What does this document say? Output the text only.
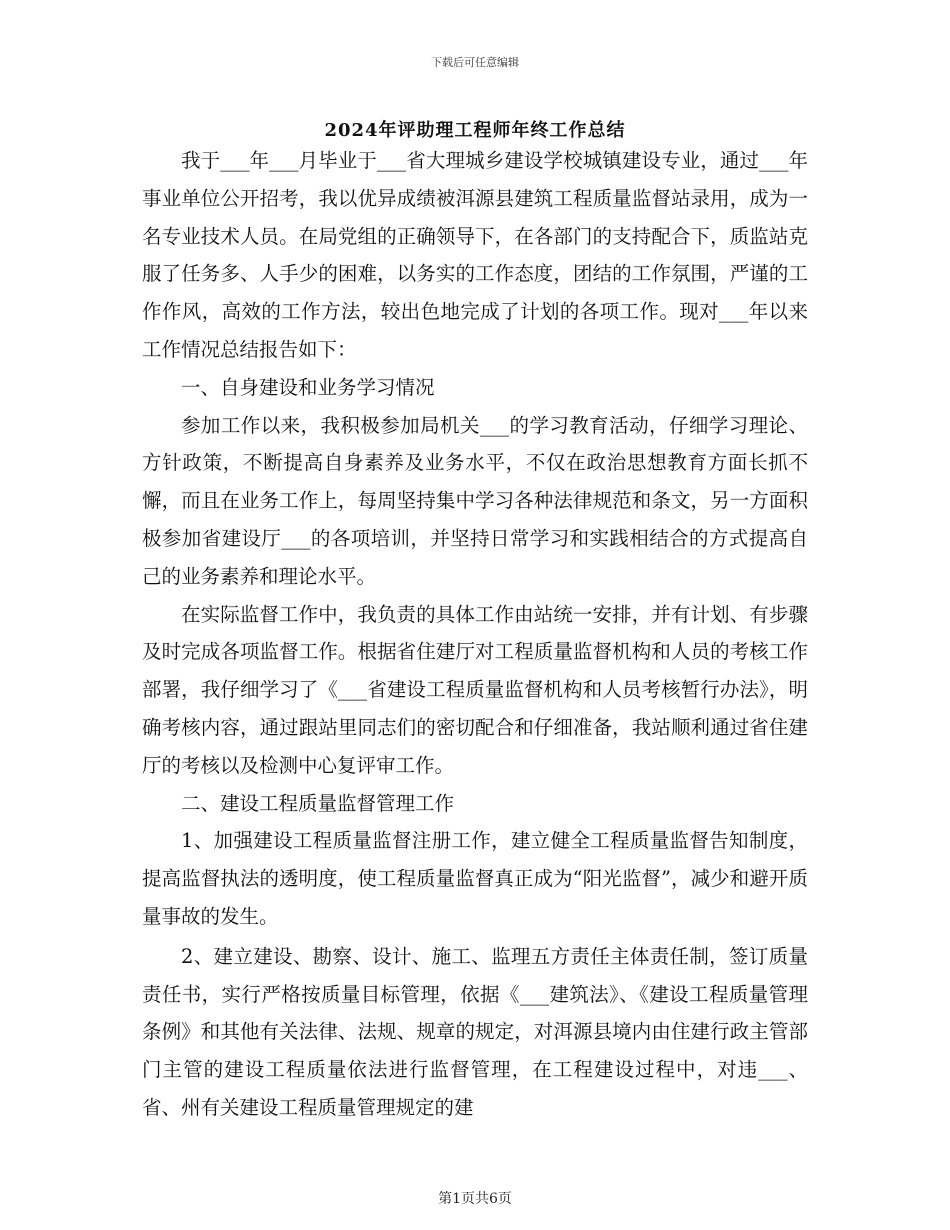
下载后可任意编辑
2024年评助理工程师年终工作总结

我于___年___月毕业于___省大理城乡建设学校城镇建设专业，通过___年事业单位公开招考，我以优异成绩被洱源县建筑工程质量监督站录用，成为一名专业技术人员。在局党组的正确领导下，在各部门的支持配合下，质监站克服了任务多、人手少的困难，以务实的工作态度，团结的工作氛围，严谨的工作作风，高效的工作方法，较出色地完成了计划的各项工作。现对___年以来工作情况总结报告如下：

一、自身建设和业务学习情况

参加工作以来，我积极参加局机关___的学习教育活动，仔细学习理论、方针政策，不断提高自身素养及业务水平，不仅在政治思想教育方面长抓不懈，而且在业务工作上，每周坚持集中学习各种法律规范和条文，另一方面积极参加省建设厅___的各项培训，并坚持日常学习和实践相结合的方式提高自己的业务素养和理论水平。

在实际监督工作中，我负责的具体工作由站统一安排，并有计划、有步骤及时完成各项监督工作。根据省住建厅对工程质量监督机构和人员的考核工作部署，我仔细学习了《___省建设工程质量监督机构和人员考核暂行办法》，明确考核内容，通过跟站里同志们的密切配合和仔细准备，我站顺利通过省住建厅的考核以及检测中心复评审工作。

二、建设工程质量监督管理工作

1、加强建设工程质量监督注册工作，建立健全工程质量监督告知制度，提高监督执法的透明度，使工程质量监督真正成为“阳光监督”，减少和避开质量事故的发生。

2、建立建设、勘察、设计、施工、监理五方责任主体责任制，签订质量责任书，实行严格按质量目标管理，依据《___建筑法》、《建设工程质量管理条例》和其他有关法律、法规、规章的规定，对洱源县境内由住建行政主管部门主管的建设工程质量依法进行监督管理，在工程建设过程中，对违___、省、州有关建设工程质量管理规定的建

第1页共6页
